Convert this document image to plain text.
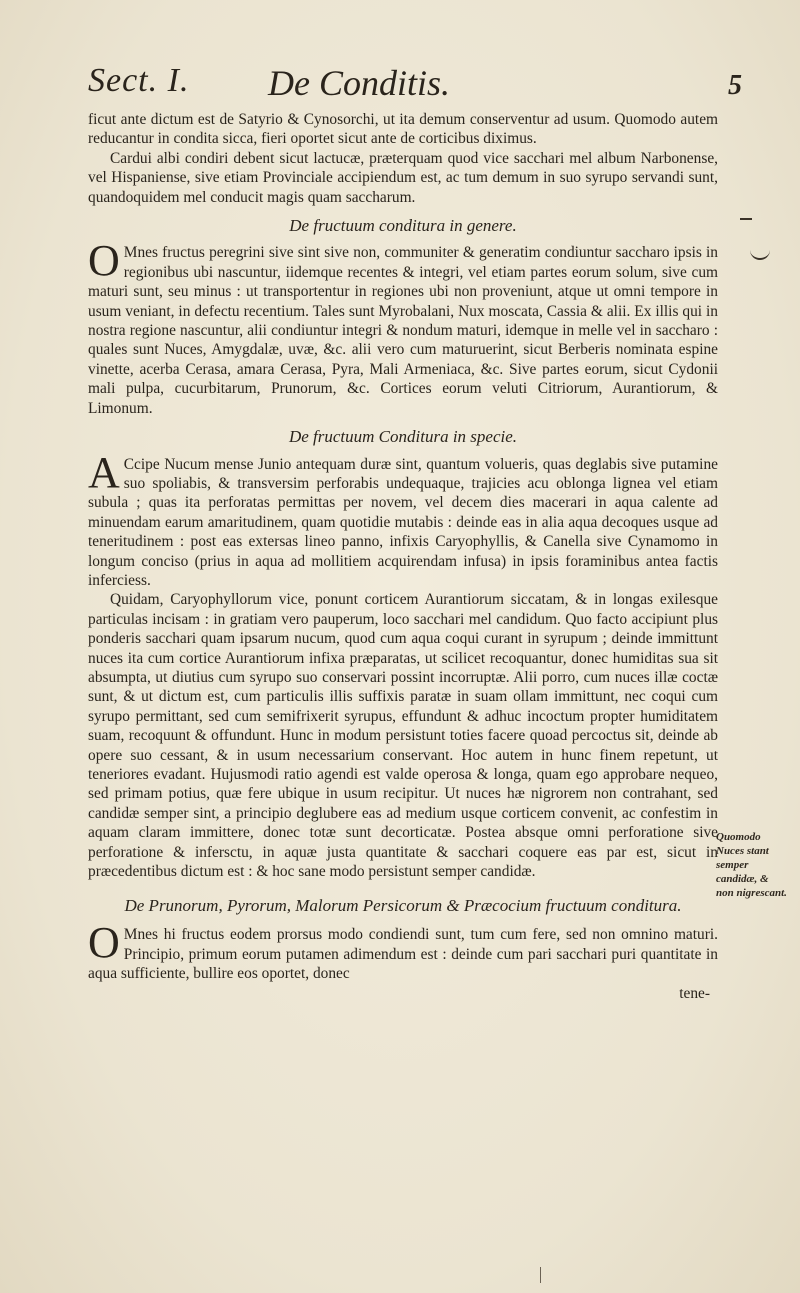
Sect. I. De Conditis.	5

ficut ante dictum est de Satyrio & Cynosorchi, ut ita demum conserventur ad usum. Quomodo autem reducantur in condita sicca, fieri oportet sicut ante de corticibus diximus.

Cardui albi condiri debent sicut lactucæ, præterquam quod vice sacchari mel album Narbonense, vel Hispaniense, sive etiam Provinciale accipiendum est, ac tum demum in suo syrupo servandi sunt, quandoquidem mel conducit magis quam saccharum.

De fructuum conditura in genere.

OMnes fructus peregrini sive sint sive non, communiter & generatim condiuntur saccharo ipsis in regionibus ubi nascuntur, iidemque recentes & integri, vel etiam partes eorum solum, sive cum maturi sunt, seu minus : ut transportentur in regiones ubi non proveniunt, atque ut omni tempore in usum veniant, in defectu recentium. Tales sunt Myrobalani, Nux moscata, Cassia & alii. Ex illis qui in nostra regione nascuntur, alii condiuntur integri & nondum maturi, idemque in melle vel in saccharo : quales sunt Nuces, Amygdalæ, uvæ, &c. alii vero cum maturuerint, sicut Berberis nominata espine vinette, acerba Cerasa, amara Cerasa, Pyra, Mali Armeniaca, &c. Sive partes eorum, sicut Cydonii mali pulpa, cucurbitarum, Prunorum, &c. Cortices eorum veluti Citriorum, Aurantiorum, & Limonum.

De fructuum Conditura in specie.

ACcipe Nucum mense Junio antequam duræ sint, quantum volueris, quas deglabis sive putamine suo spoliabis, & transversim perforabis undequaque, trajicies acu oblonga lignea vel etiam subula ; quas ita perforatas permittas per novem, vel decem dies macerari in aqua calente ad minuendam earum amaritudinem, quam quotidie mutabis : deinde eas in alia aqua decoques usque ad teneritudinem : post eas extersas lineo panno, infixis Caryophyllis, & Canella sive Cynamomo in longum conciso (prius in aqua ad mollitiem acquirendam infusa) in ipsis foraminibus antea factis inferciess.

Quidam, Caryophyllorum vice, ponunt corticem Aurantiorum siccatam, & in longas exilesque particulas incisam : in gratiam vero pauperum, loco sacchari mel candidum. Quo facto accipiunt plus ponderis sacchari quam ipsarum nucum, quod cum aqua coqui curant in syrupum ; deinde immittunt nuces ita cum cortice Aurantiorum infixa præparatas, ut scilicet recoquantur, donec humiditas sua sit absumpta, ut diutius cum syrupo suo conservari possint incorruptæ. Alii porro, cum nuces illæ coctæ sunt, & ut dictum est, cum particulis illis suffixis paratæ in suam ollam immittunt, nec coqui cum syrupo permittant, sed cum semifrixerit syrupus, effundunt & adhuc incoctum propter humiditatem suam, recoquunt & offundunt. Hunc in modum persistunt toties facere quoad percoctus sit, deinde ab opere suo cessant, & in usum necessarium conservant. Hoc autem in hunc finem repetunt, ut teneriores evadant. Hujusmodi ratio agendi est valde operosa & longa, quam ego approbare nequeo, sed primam potius, quæ fere ubique in usum recipitur. Ut nuces hæ nigrorem non contrahant, sed candidæ semper sint, a principio deglubere eas ad medium usque corticem convenit, ac confestim in aquam claram immittere, donec totæ sunt decorticatæ. Postea absque omni perforatione sive perforatione & infersctu, in aquæ justa quantitate & sacchari coquere eas par est, sicut in præcedentibus dictum est : & hoc sane modo persistunt semper candidæ.

De Prunorum, Pyrorum, Malorum Persicorum & Præcocium fructuum conditura.

OMnes hi fructus eodem prorsus modo condiendi sunt, tum cum fere, sed non omnino maturi. Principio, primum eorum putamen adimendum est : deinde cum pari sacchari puri quantitate in aqua sufficiente, bullire eos oportet, donec

tene-

Quomodo Nuces stant semper candidæ, & non nigrescant.
